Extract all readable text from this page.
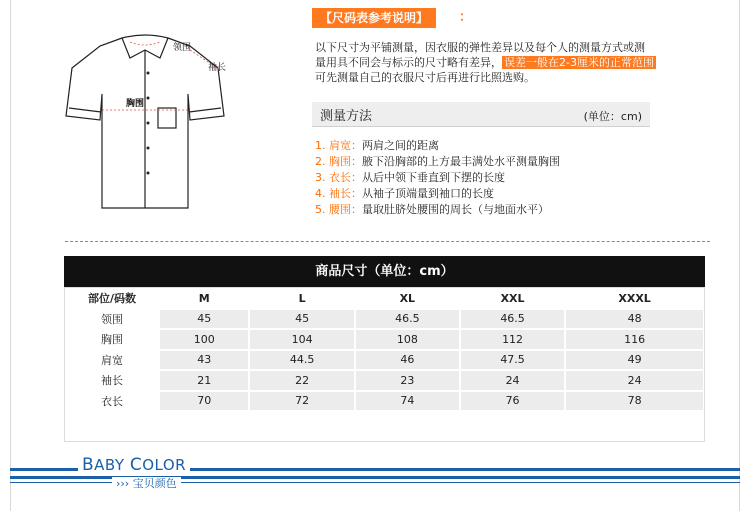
领围
袖长
胸围
【尺码表参考说明】	：
以下尺寸为平铺测量，因衣服的弹性差异以及每个人的测量方式或测
量用具不同会与标示的尺寸略有差异， 误差一般在2-3厘米的正常范围
可先测量自己的衣服尺寸后再进行比照选购。
测量方法	(单位：cm)
1. 肩宽：两肩之间的距离
2. 胸围：腋下沿胸部的上方最丰满处水平测量胸围
3. 衣长：从后中领下垂直到下摆的长度
4. 袖长：从袖子顶端量到袖口的长度
5. 腰围：量取肚脐处腰围的周长（与地面水平）
商品尺寸（单位：cm）
部位/码数	M	L	XL	XXL	XXXL
领围	45	45	46.5	46.5	48
胸围	100	104	108	112	116
肩宽	43	44.5	46	47.5	49
袖长	21	22	23	24	24
衣长	70	72	74	76	78
BABY COLOR
››› 宝贝颜色
